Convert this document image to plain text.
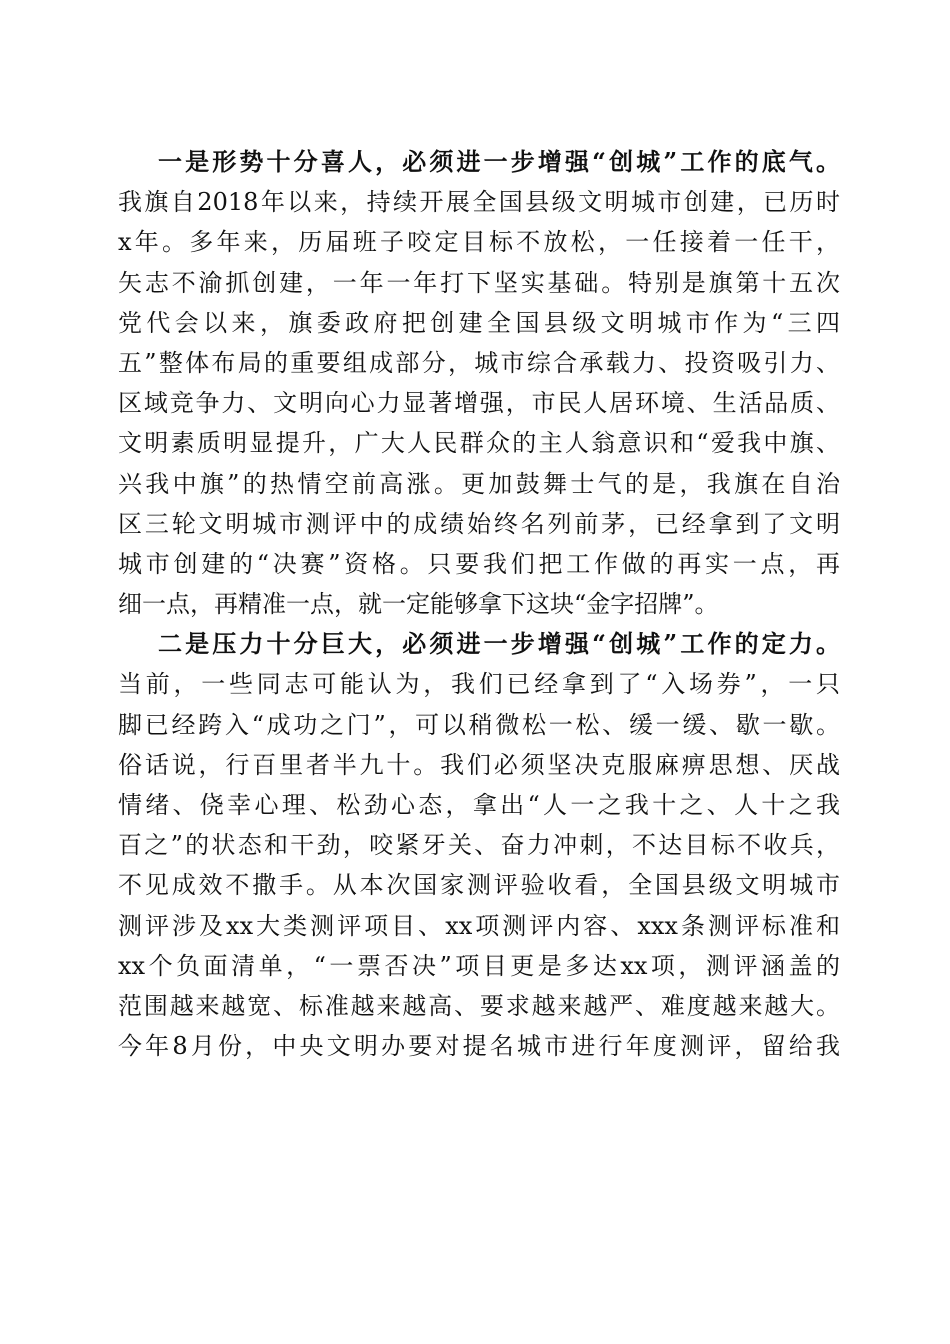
一是形势十分喜人，必须进一步增强“创城”工作的底气。
我旗自2018年以来，持续开展全国县级文明城市创建，已历时
x年。多年来，历届班子咬定目标不放松，一任接着一任干，
矢志不渝抓创建，一年一年打下坚实基础。特别是旗第十五次
党代会以来，旗委政府把创建全国县级文明城市作为“三四
五”整体布局的重要组成部分，城市综合承载力、投资吸引力、
区域竞争力、文明向心力显著增强，市民人居环境、生活品质、
文明素质明显提升，广大人民群众的主人翁意识和“爱我中旗、
兴我中旗”的热情空前高涨。更加鼓舞士气的是，我旗在自治
区三轮文明城市测评中的成绩始终名列前茅，已经拿到了文明
城市创建的“决赛”资格。只要我们把工作做的再实一点，再
细一点，再精准一点，就一定能够拿下这块“金字招牌”。
二是压力十分巨大，必须进一步增强“创城”工作的定力。
当前，一些同志可能认为，我们已经拿到了“入场券”，一只
脚已经跨入“成功之门”，可以稍微松一松、缓一缓、歇一歇。
俗话说，行百里者半九十。我们必须坚决克服麻痹思想、厌战
情绪、侥幸心理、松劲心态，拿出“人一之我十之、人十之我
百之”的状态和干劲，咬紧牙关、奋力冲刺，不达目标不收兵，
不见成效不撒手。从本次国家测评验收看，全国县级文明城市
测评涉及xx大类测评项目、xx项测评内容、xxx条测评标准和
xx个负面清单，“一票否决”项目更是多达xx项，测评涵盖的
范围越来越宽、标准越来越高、要求越来越严、难度越来越大。
今年8月份，中央文明办要对提名城市进行年度测评，留给我
